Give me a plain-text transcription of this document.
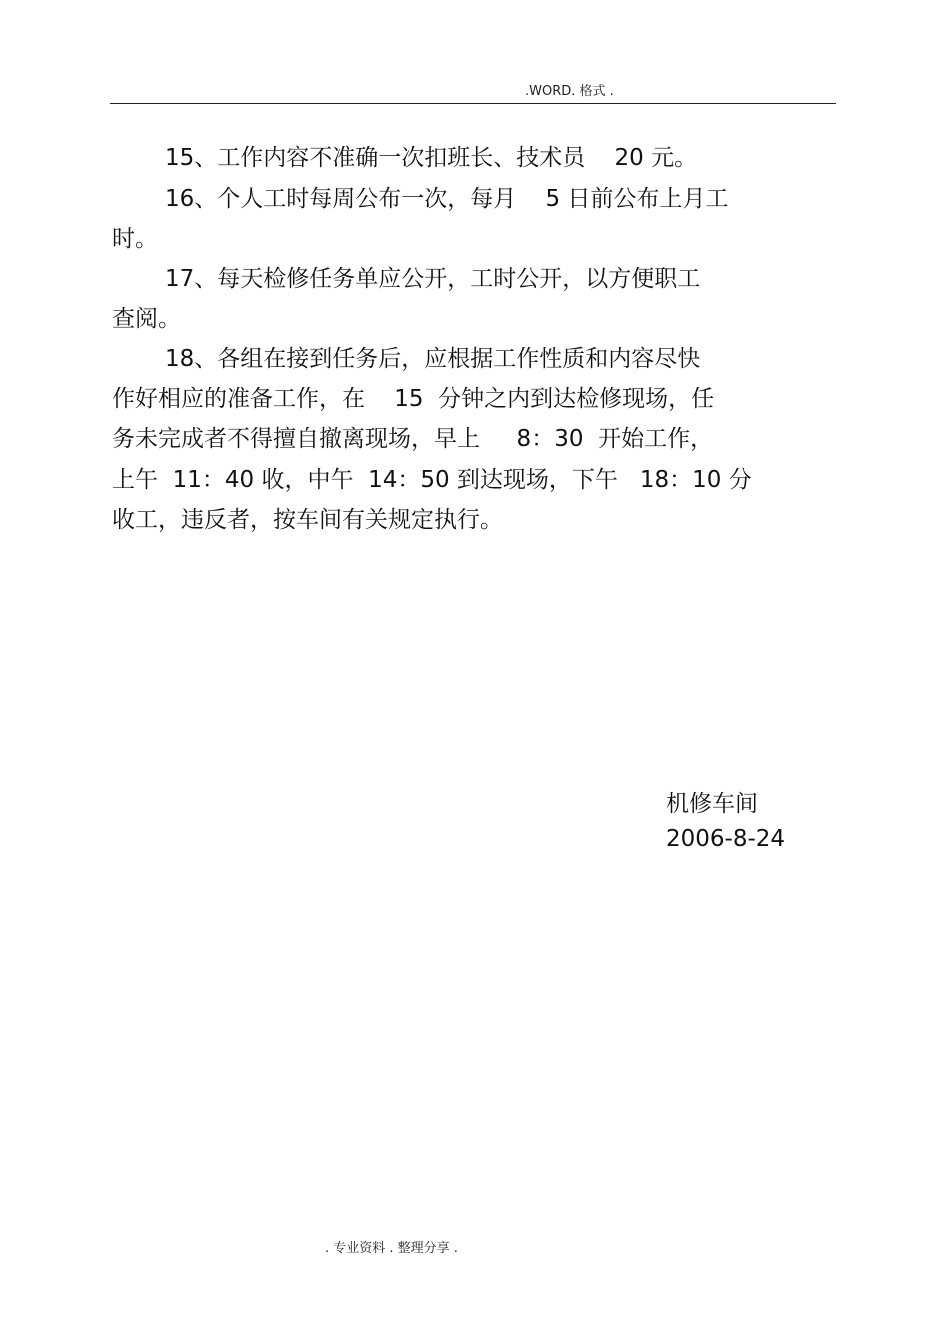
.WORD. 格式 .
15、工作内容不准确一次扣班长、技术员    20 元。
16、个人工时每周公布一次，每月    5 日前公布上月工
时。
17、每天检修任务单应公开，工时公开，以方便职工
查阅。
18、各组在接到任务后，应根据工作性质和内容尽快
作好相应的准备工作，在    15  分钟之内到达检修现场，任
务未完成者不得擅自撤离现场，早上     8：30  开始工作，
上午  11：40 收，中午  14：50 到达现场，下午   18：10 分
收工，违反者，按车间有关规定执行。
机修车间
2006-8-24
. 专业资料 . 整理分享 .
